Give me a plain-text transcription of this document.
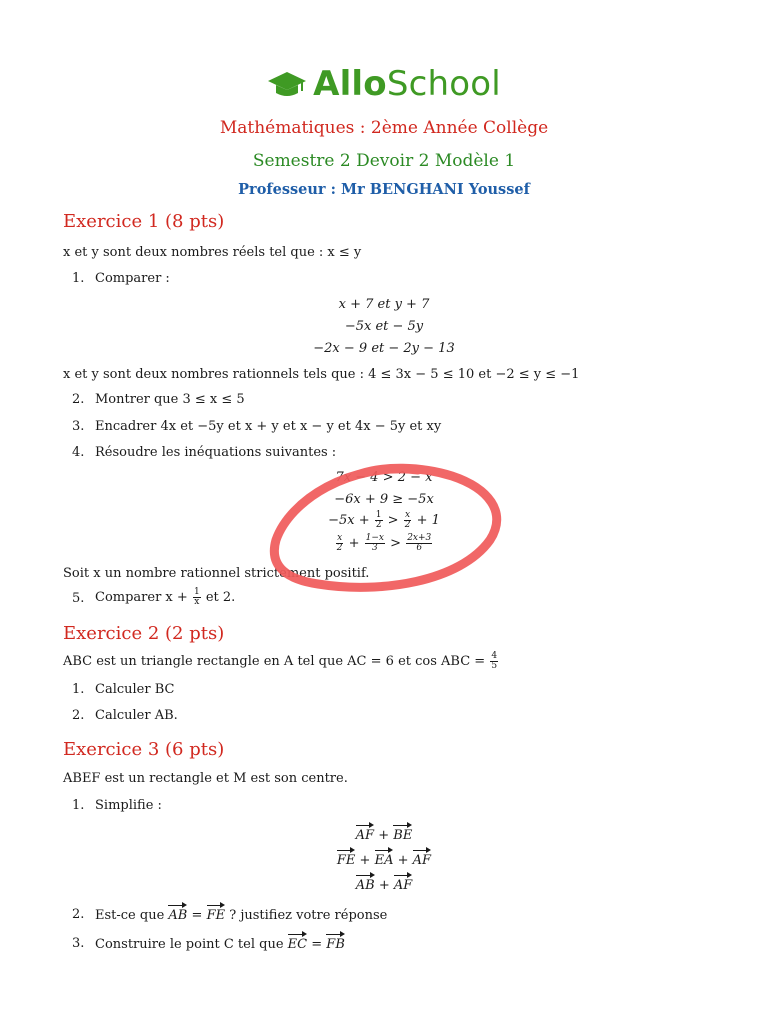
AlloSchool
Mathématiques : 2ème Année Collège
Semestre 2 Devoir 2 Modèle 1
Professeur : Mr BENGHANI Youssef
Exercice 1 (8 pts)
x et y sont deux nombres réels tel que : x ≤ y
1. Comparer :
x + 7 et y + 7
−5x et − 5y
−2x − 9 et − 2y − 13
x et y sont deux nombres rationnels tels que : 4 ≤ 3x − 5 ≤ 10 et −2 ≤ y ≤ −1
2. Montrer que 3 ≤ x ≤ 5
3. Encadrer 4x et −5y et x + y et x − y et 4x − 5y et xy
4. Résoudre les inéquations suivantes :
7x − 4 > 2 − x
−6x + 9 ≥ −5x
$-5x + \frac{1}{2} > \frac{x}{2} + 1$
$\frac{x}{2} + \frac{1-x}{3} > \frac{2x+3}{6}$
Soit x un nombre rationnel strictement positif.
5. Comparer $x + \frac{1}{x}$ et 2.
Exercice 2 (2 pts)
ABC est un triangle rectangle en A tel que AC = 6 et cos ABC = $\frac{4}{5}$
1. Calculer BC
2. Calculer AB.
Exercice 3 (6 pts)
ABEF est un rectangle et M est son centre.
1. Simplifie :
AF + BE
FE + EA + AF
AB + AF
2. Est-ce que AB = FE ? justifiez votre réponse
3. Construire le point C tel que EC = FB
